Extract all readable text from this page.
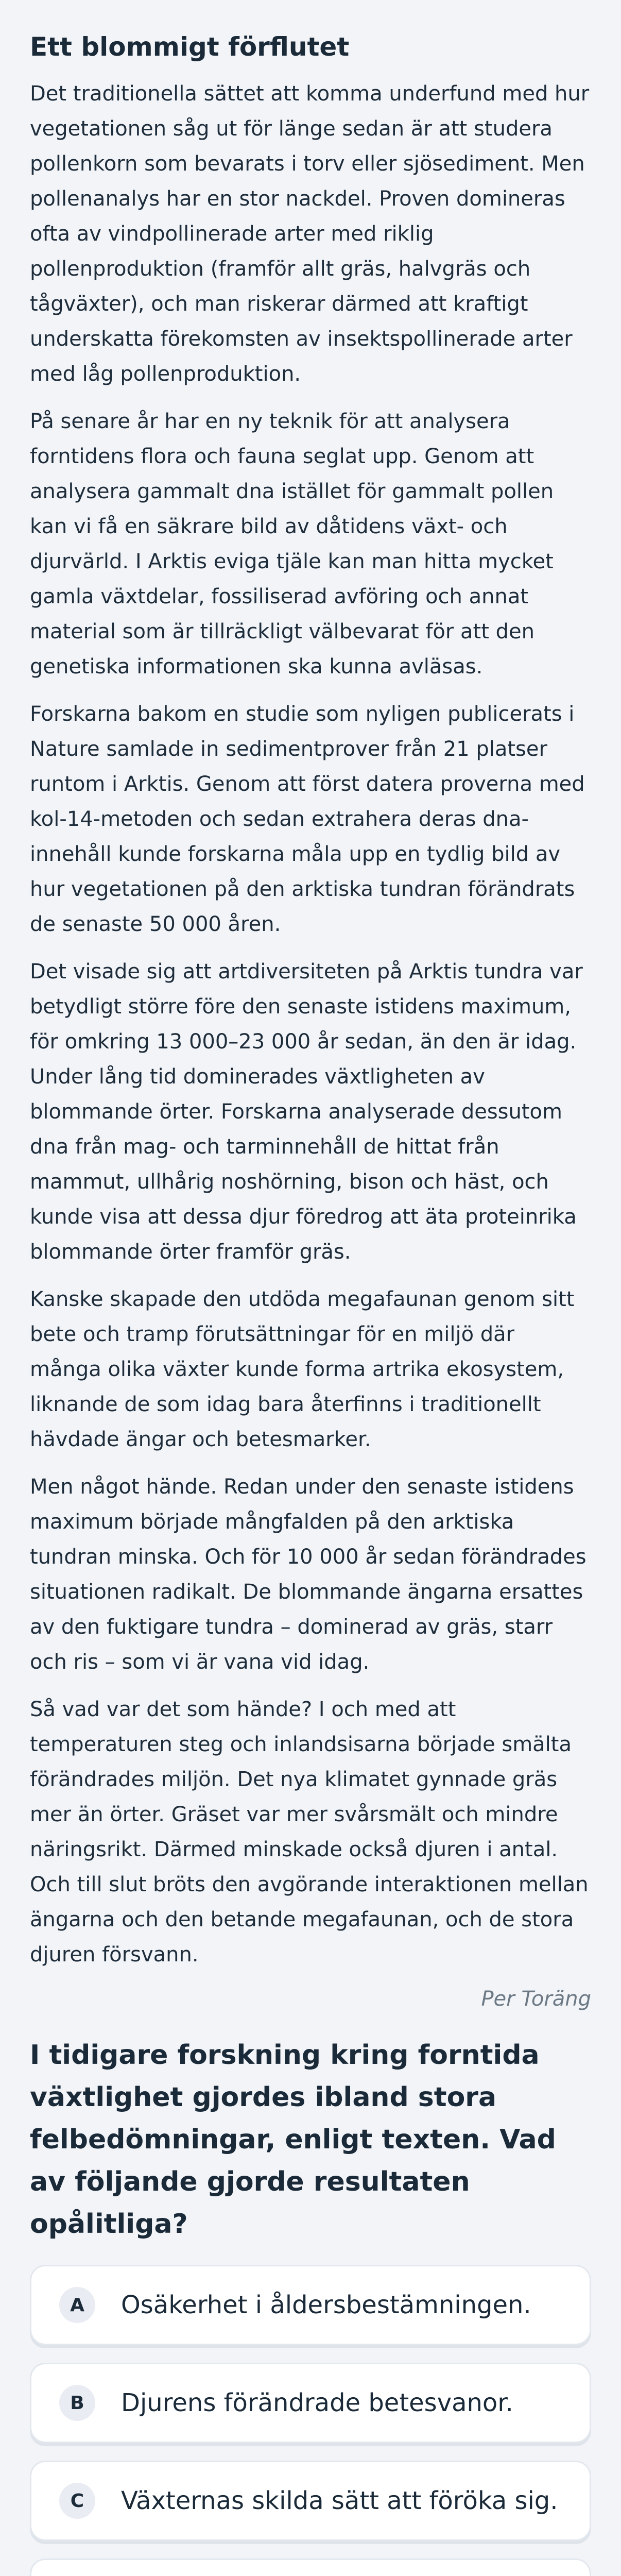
Ett blommigt förflutet

Det traditionella sättet att komma underfund med hur vegetationen såg ut för länge sedan är att studera pollenkorn som bevarats i torv eller sjösediment. Men pollenanalys har en stor nackdel. Proven domineras ofta av vindpollinerade arter med riklig pollenproduktion (framför allt gräs, halvgräs och tågväxter), och man riskerar därmed att kraftigt underskatta förekomsten av insektspollinerade arter med låg pollenproduktion.

På senare år har en ny teknik för att analysera forntidens flora och fauna seglat upp. Genom att analysera gammalt dna istället för gammalt pollen kan vi få en säkrare bild av dåtidens växt- och djurvärld. I Arktis eviga tjäle kan man hitta mycket gamla växtdelar, fossiliserad avföring och annat material som är tillräckligt välbevarat för att den genetiska informationen ska kunna avläsas.

Forskarna bakom en studie som nyligen publicerats i Nature samlade in sedimentprover från 21 platser runtom i Arktis. Genom att först datera proverna med kol-14-metoden och sedan extrahera deras dna-innehåll kunde forskarna måla upp en tydlig bild av hur vegetationen på den arktiska tundran förändrats de senaste 50 000 åren.

Det visade sig att artdiversiteten på Arktis tundra var betydligt större före den senaste istidens maximum, för omkring 13 000–23 000 år sedan, än den är idag. Under lång tid dominerades växtligheten av blommande örter. Forskarna analyserade dessutom dna från mag- och tarminnehåll de hittat från mammut, ullhårig noshörning, bison och häst, och kunde visa att dessa djur föredrog att äta proteinrika blommande örter framför gräs.

Kanske skapade den utdöda megafaunan genom sitt bete och tramp förutsättningar för en miljö där många olika växter kunde forma artrika ekosystem, liknande de som idag bara återfinns i traditionellt hävdade ängar och betesmarker.

Men något hände. Redan under den senaste istidens maximum började mångfalden på den arktiska tundran minska. Och för 10 000 år sedan förändrades situationen radikalt. De blommande ängarna ersattes av den fuktigare tundra – dominerad av gräs, starr och ris – som vi är vana vid idag.

Så vad var det som hände? I och med att temperaturen steg och inlandsisarna började smälta förändrades miljön. Det nya klimatet gynnade gräs mer än örter. Gräset var mer svårsmält och mindre näringsrikt. Därmed minskade också djuren i antal. Och till slut bröts den avgörande interaktionen mellan ängarna och den betande megafaunan, och de stora djuren försvann.

Per Toräng
I tidigare forskning kring forntida växtlighet gjordes ibland stora felbedömningar, enligt texten. Vad av följande gjorde resultaten opålitliga?
A	Osäkerhet i åldersbestämningen.
B	Djurens förändrade betesvanor.
C	Växternas skilda sätt att föröka sig.
